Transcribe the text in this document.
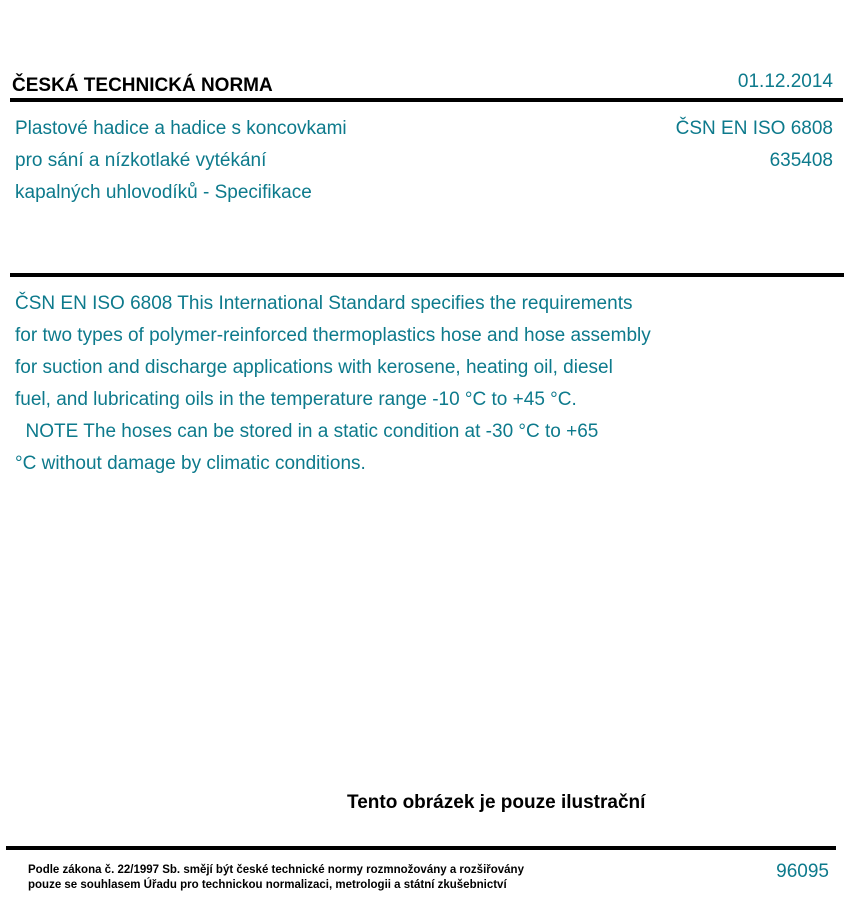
ČESKÁ TECHNICKÁ NORMA	01.12.2014
Plastové hadice a hadice s koncovkami
pro sání a nízkotlaké vytékání
kapalných uhlovodíků - Specifikace
ČSN EN ISO 6808
635408
ČSN EN ISO 6808 This International Standard specifies the requirements
for two types of polymer-reinforced thermoplastics hose and hose assembly
for suction and discharge applications with kerosene, heating oil, diesel
fuel, and lubricating oils in the temperature range -10 °C to +45 °C.
NOTE The hoses can be stored in a static condition at -30 °C to +65
°C without damage by climatic conditions.
Tento obrázek je pouze ilustrační
Podle zákona č. 22/1997 Sb. smějí být české technické normy rozmnožovány a rozšiřovány
pouze se souhlasem Úřadu pro technickou normalizaci, metrologii a státní zkušebnictví
96095
